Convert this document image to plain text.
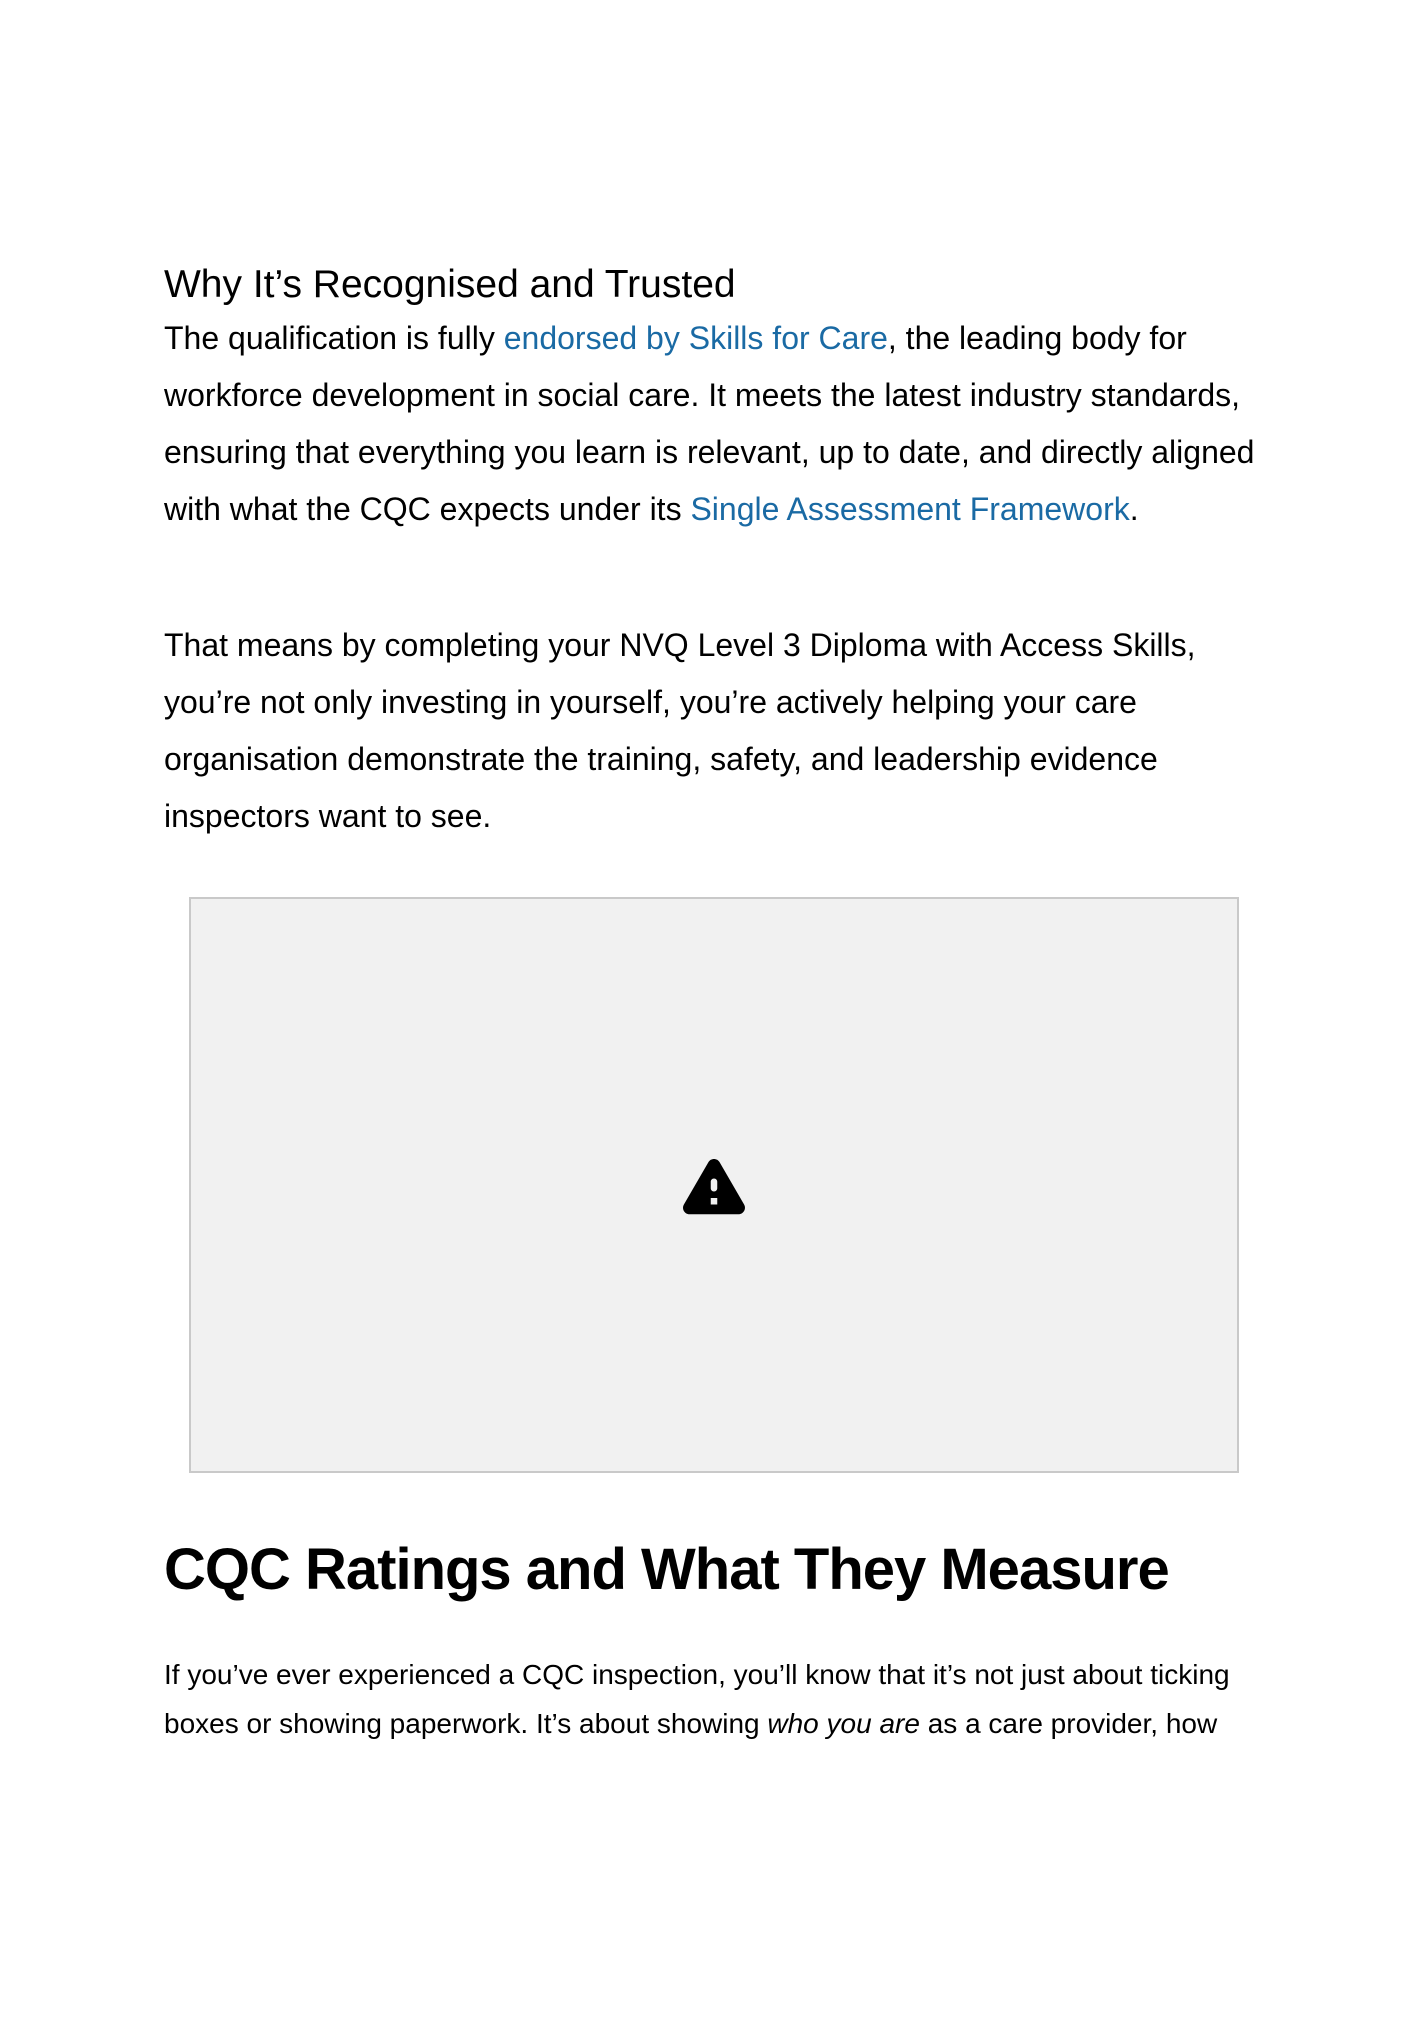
Why It’s Recognised and Trusted
The qualification is fully endorsed by Skills for Care, the leading body for
workforce development in social care. It meets the latest industry standards,
ensuring that everything you learn is relevant, up to date, and directly aligned
with what the CQC expects under its Single Assessment Framework.
That means by completing your NVQ Level 3 Diploma with Access Skills,
you’re not only investing in yourself, you’re actively helping your care
organisation demonstrate the training, safety, and leadership evidence
inspectors want to see.
CQC Ratings and What They Measure
If you’ve ever experienced a CQC inspection, you’ll know that it’s not just about ticking
boxes or showing paperwork. It’s about showing who you are as a care provider, how
